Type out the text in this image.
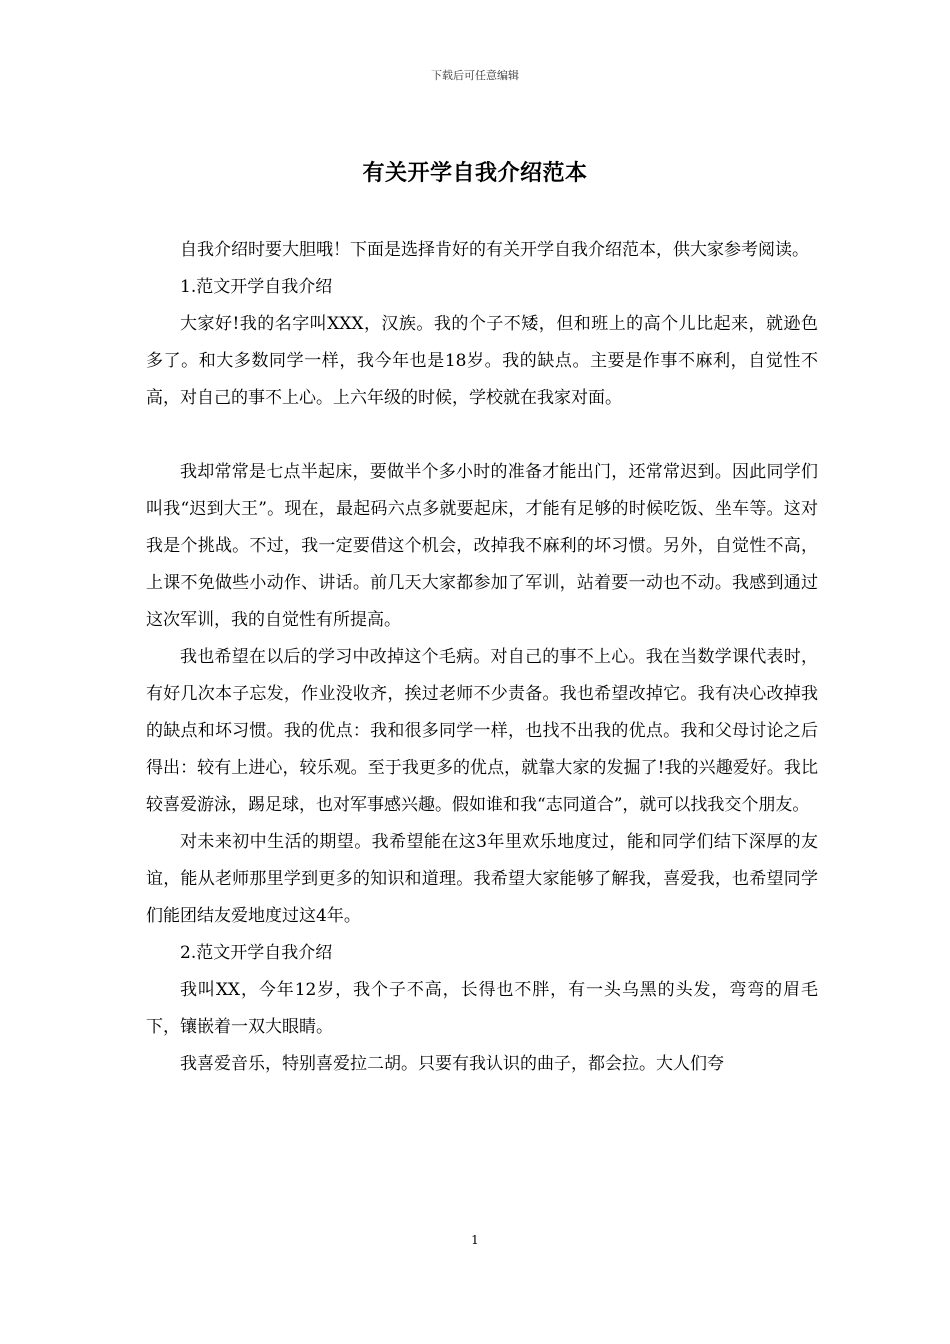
下载后可任意编辑
有关开学自我介绍范本

自我介绍时要大胆哦！下面是选择肯好的有关开学自我介绍范本，供大家参考阅读。

1.范文开学自我介绍

大家好!我的名字叫XXX，汉族。我的个子不矮，但和班上的高个儿比起来，就逊色多了。和大多数同学一样，我今年也是18岁。我的缺点。主要是作事不麻利，自觉性不高，对自己的事不上心。上六年级的时候，学校就在我家对面。

我却常常是七点半起床，要做半个多小时的准备才能出门，还常常迟到。因此同学们叫我“迟到大王”。现在，最起码六点多就要起床，才能有足够的时候吃饭、坐车等。这对我是个挑战。不过，我一定要借这个机会，改掉我不麻利的坏习惯。另外，自觉性不高，上课不免做些小动作、讲话。前几天大家都参加了军训，站着要一动也不动。我感到通过这次军训，我的自觉性有所提高。

我也希望在以后的学习中改掉这个毛病。对自己的事不上心。我在当数学课代表时，有好几次本子忘发，作业没收齐，挨过老师不少责备。我也希望改掉它。我有决心改掉我的缺点和坏习惯。我的优点：我和很多同学一样，也找不出我的优点。我和父母讨论之后得出：较有上进心，较乐观。至于我更多的优点，就靠大家的发掘了!我的兴趣爱好。我比较喜爱游泳，踢足球，也对军事感兴趣。假如谁和我“志同道合”，就可以找我交个朋友。

对未来初中生活的期望。我希望能在这3年里欢乐地度过，能和同学们结下深厚的友谊，能从老师那里学到更多的知识和道理。我希望大家能够了解我，喜爱我，也希望同学们能团结友爱地度过这4年。

2.范文开学自我介绍

我叫XX，今年12岁，我个子不高，长得也不胖，有一头乌黑的头发，弯弯的眉毛下，镶嵌着一双大眼睛。

我喜爱音乐，特别喜爱拉二胡。只要有我认识的曲子，都会拉。大人们夸

1
